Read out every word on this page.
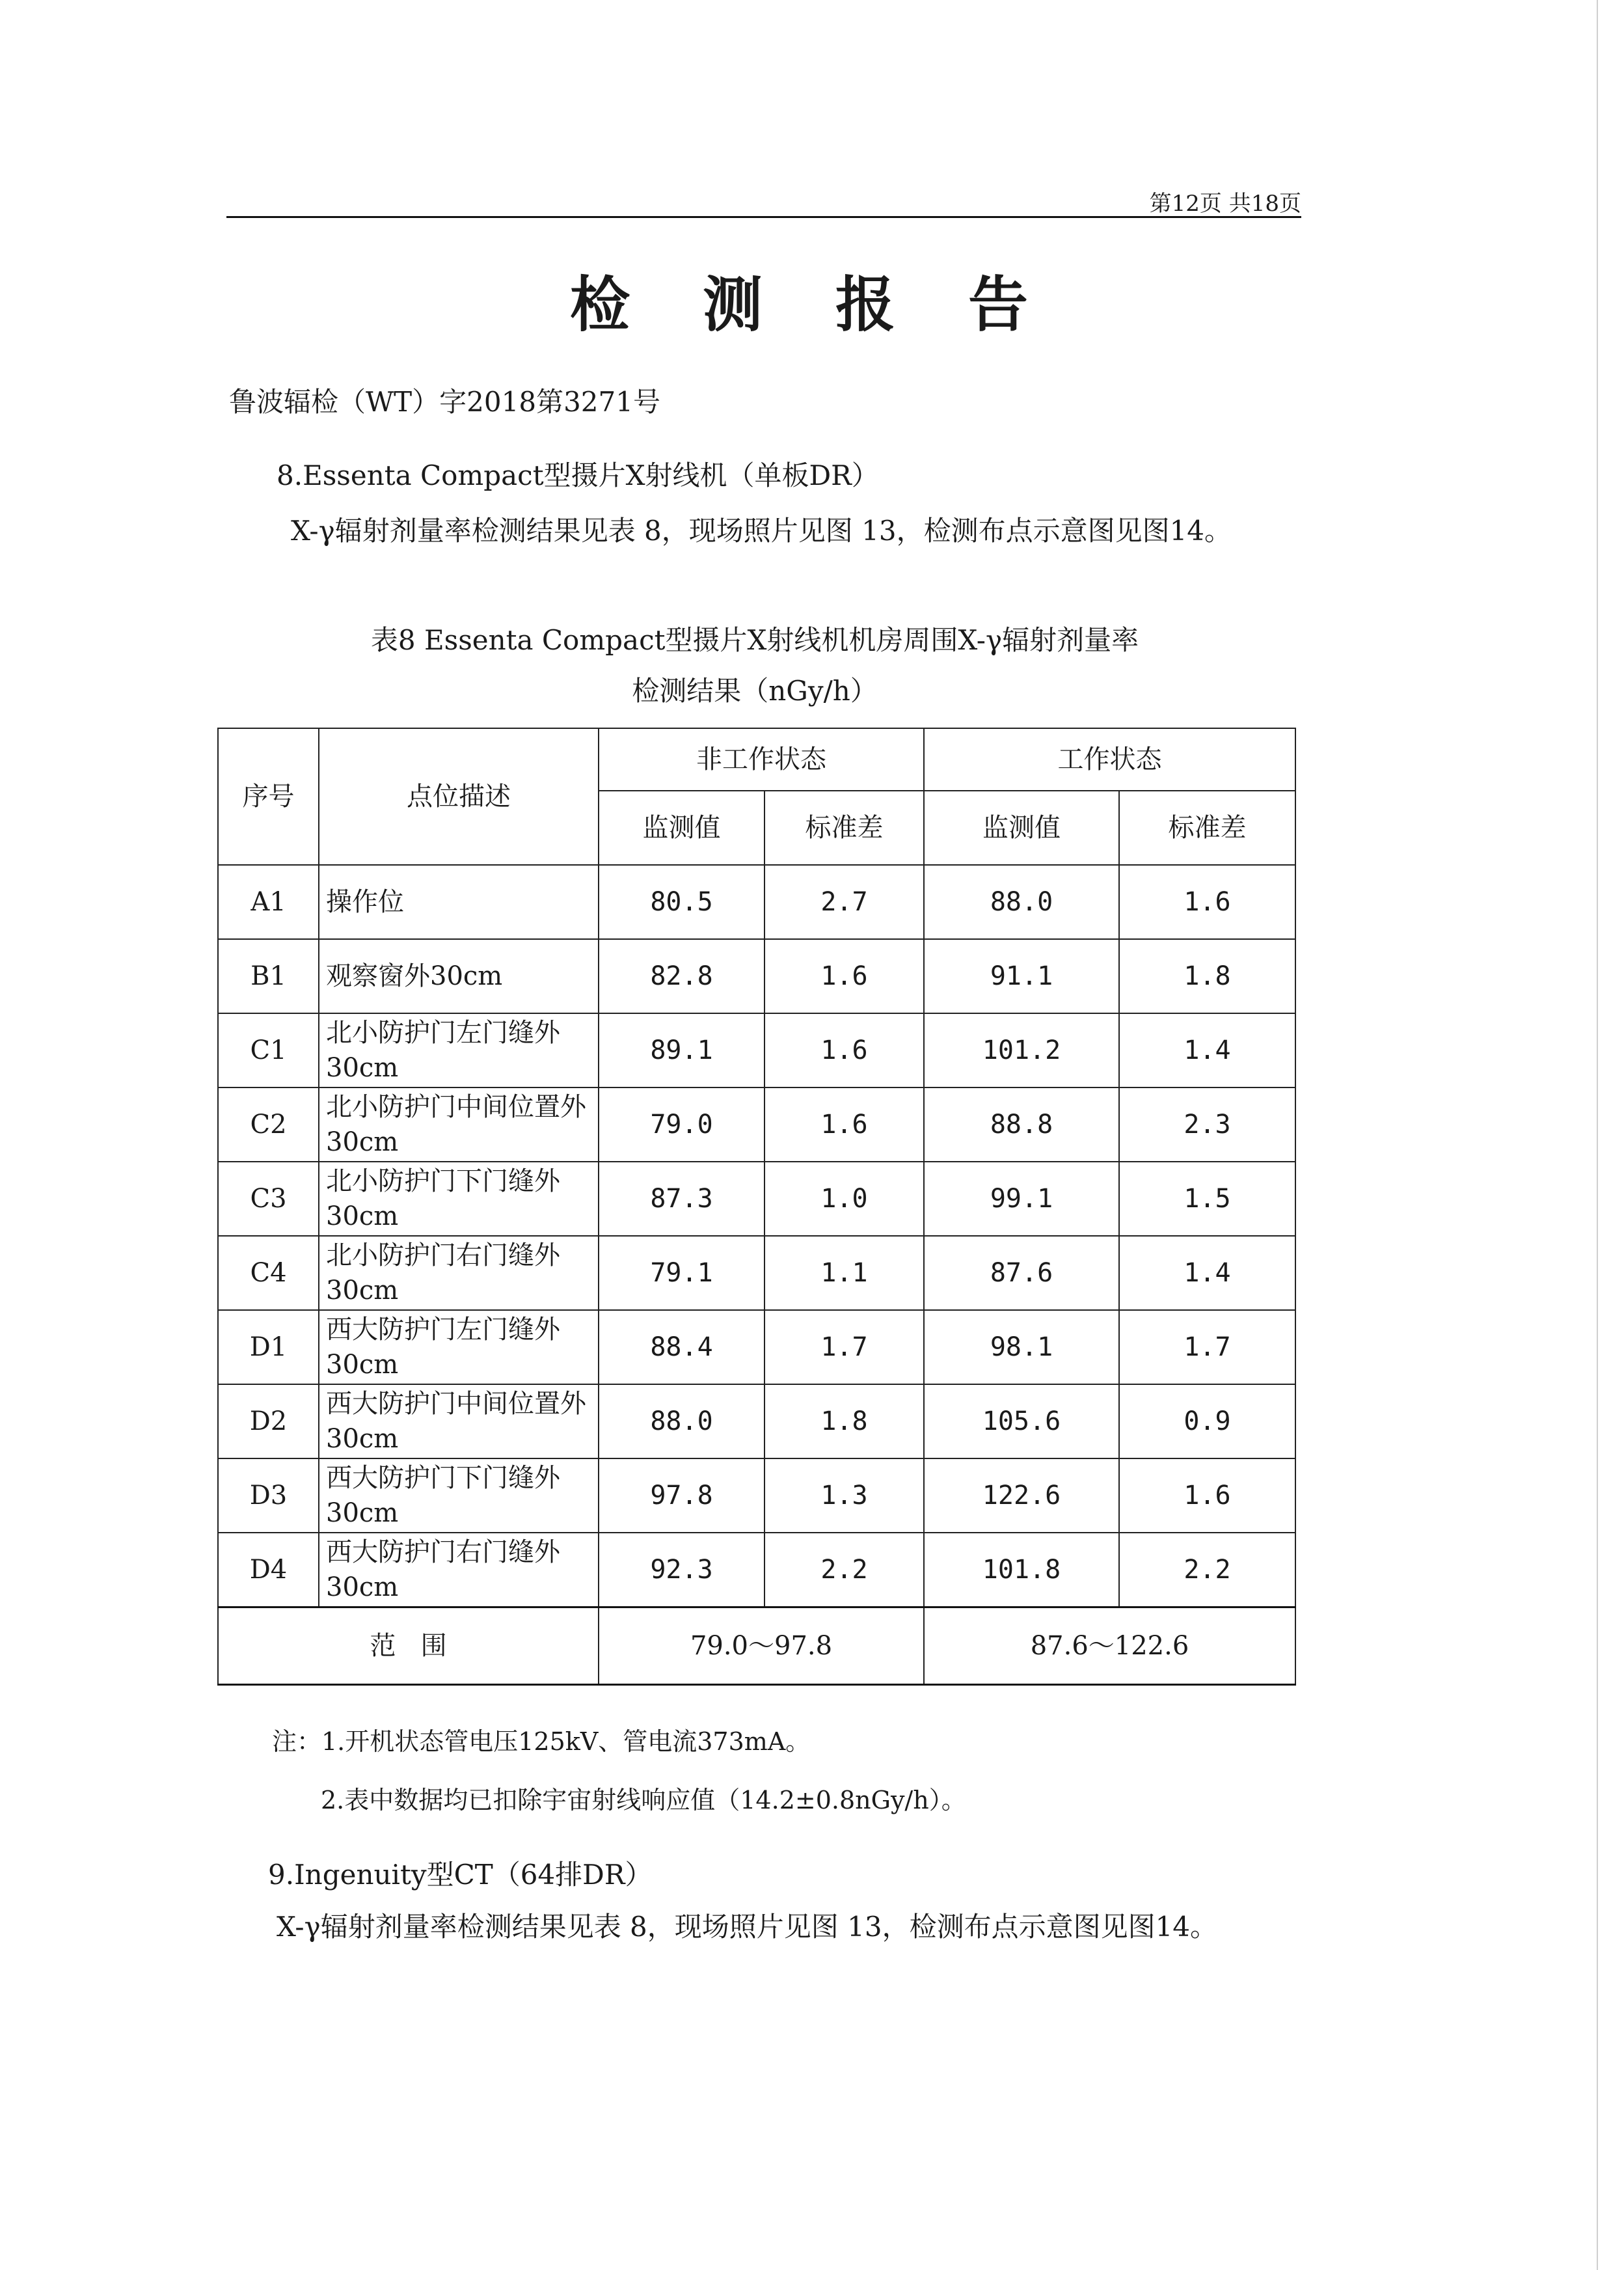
第12页 共18页
检 测 报 告
鲁波辐检（WT）字2018第3271号
8.Essenta Compact型摄片X射线机（单板DR）
X-γ辐射剂量率检测结果见表 8，现场照片见图 13，检测布点示意图见图14。
表8 Essenta Compact型摄片X射线机机房周围X-γ辐射剂量率
检测结果（nGy/h）
序号	点位描述	非工作状态		工作状态	
		监测值	标准差	监测值	标准差
A1	操作位	80.5	2.7	88.0	1.6
B1	观察窗外30cm	82.8	1.6	91.1	1.8
C1	北小防护门左门缝外30cm	89.1	1.6	101.2	1.4
C2	北小防护门中间位置外30cm	79.0	1.6	88.8	2.3
C3	北小防护门下门缝外30cm	87.3	1.0	99.1	1.5
C4	北小防护门右门缝外30cm	79.1	1.1	87.6	1.4
D1	西大防护门左门缝外30cm	88.4	1.7	98.1	1.7
D2	西大防护门中间位置外30cm	88.0	1.8	105.6	0.9
D3	西大防护门下门缝外30cm	97.8	1.3	122.6	1.6
D4	西大防护门右门缝外30cm	92.3	2.2	101.8	2.2
范   围		79.0～97.8		87.6～122.6	
注：1.开机状态管电压125kV、管电流373mA。
2.表中数据均已扣除宇宙射线响应值（14.2±0.8nGy/h）。
9.Ingenuity型CT（64排DR）
X-γ辐射剂量率检测结果见表 8，现场照片见图 13，检测布点示意图见图14。
